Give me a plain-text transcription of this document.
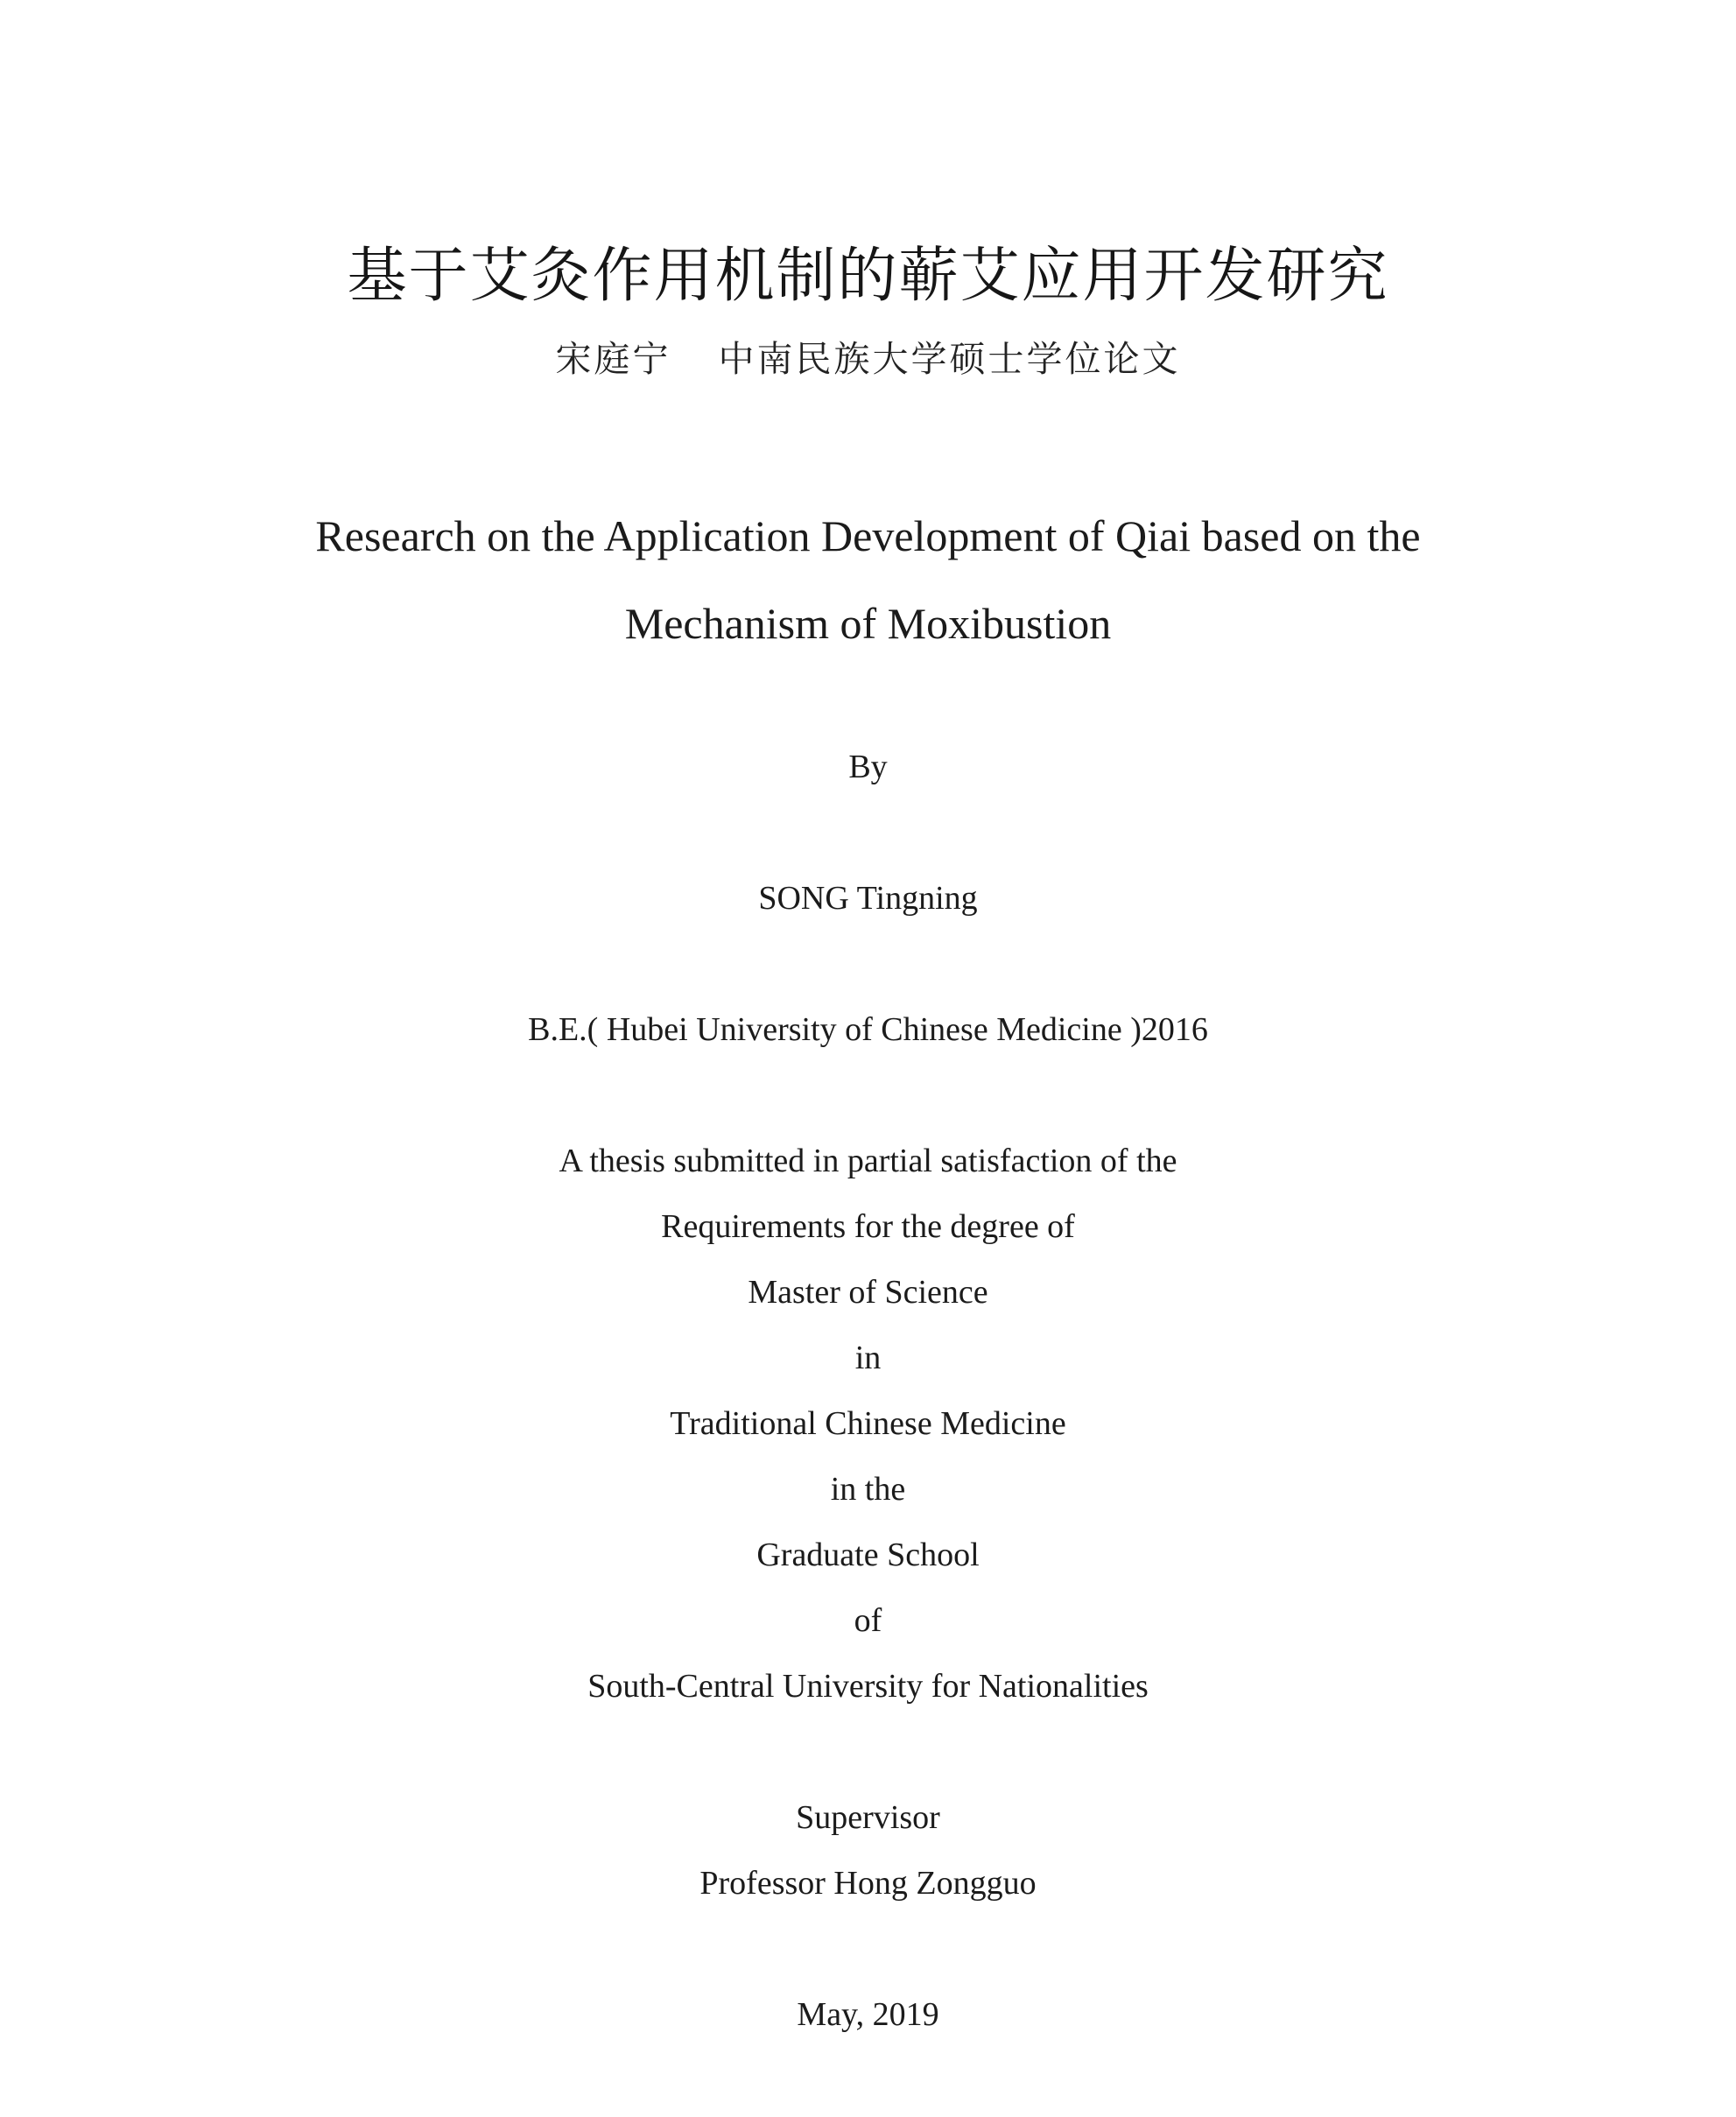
基于艾灸作用机制的蕲艾应用开发研究
宋庭宁 中南民族大学硕士学位论文
Research on the Application Development of Qiai based on the
Mechanism of Moxibustion
By
SONG Tingning
B.E.( Hubei University of Chinese Medicine )2016
A thesis submitted in partial satisfaction of the
Requirements for the degree of
Master of Science
in
Traditional Chinese Medicine
in the
Graduate School
of
South-Central University for Nationalities
Supervisor
Professor Hong Zongguo
May, 2019
